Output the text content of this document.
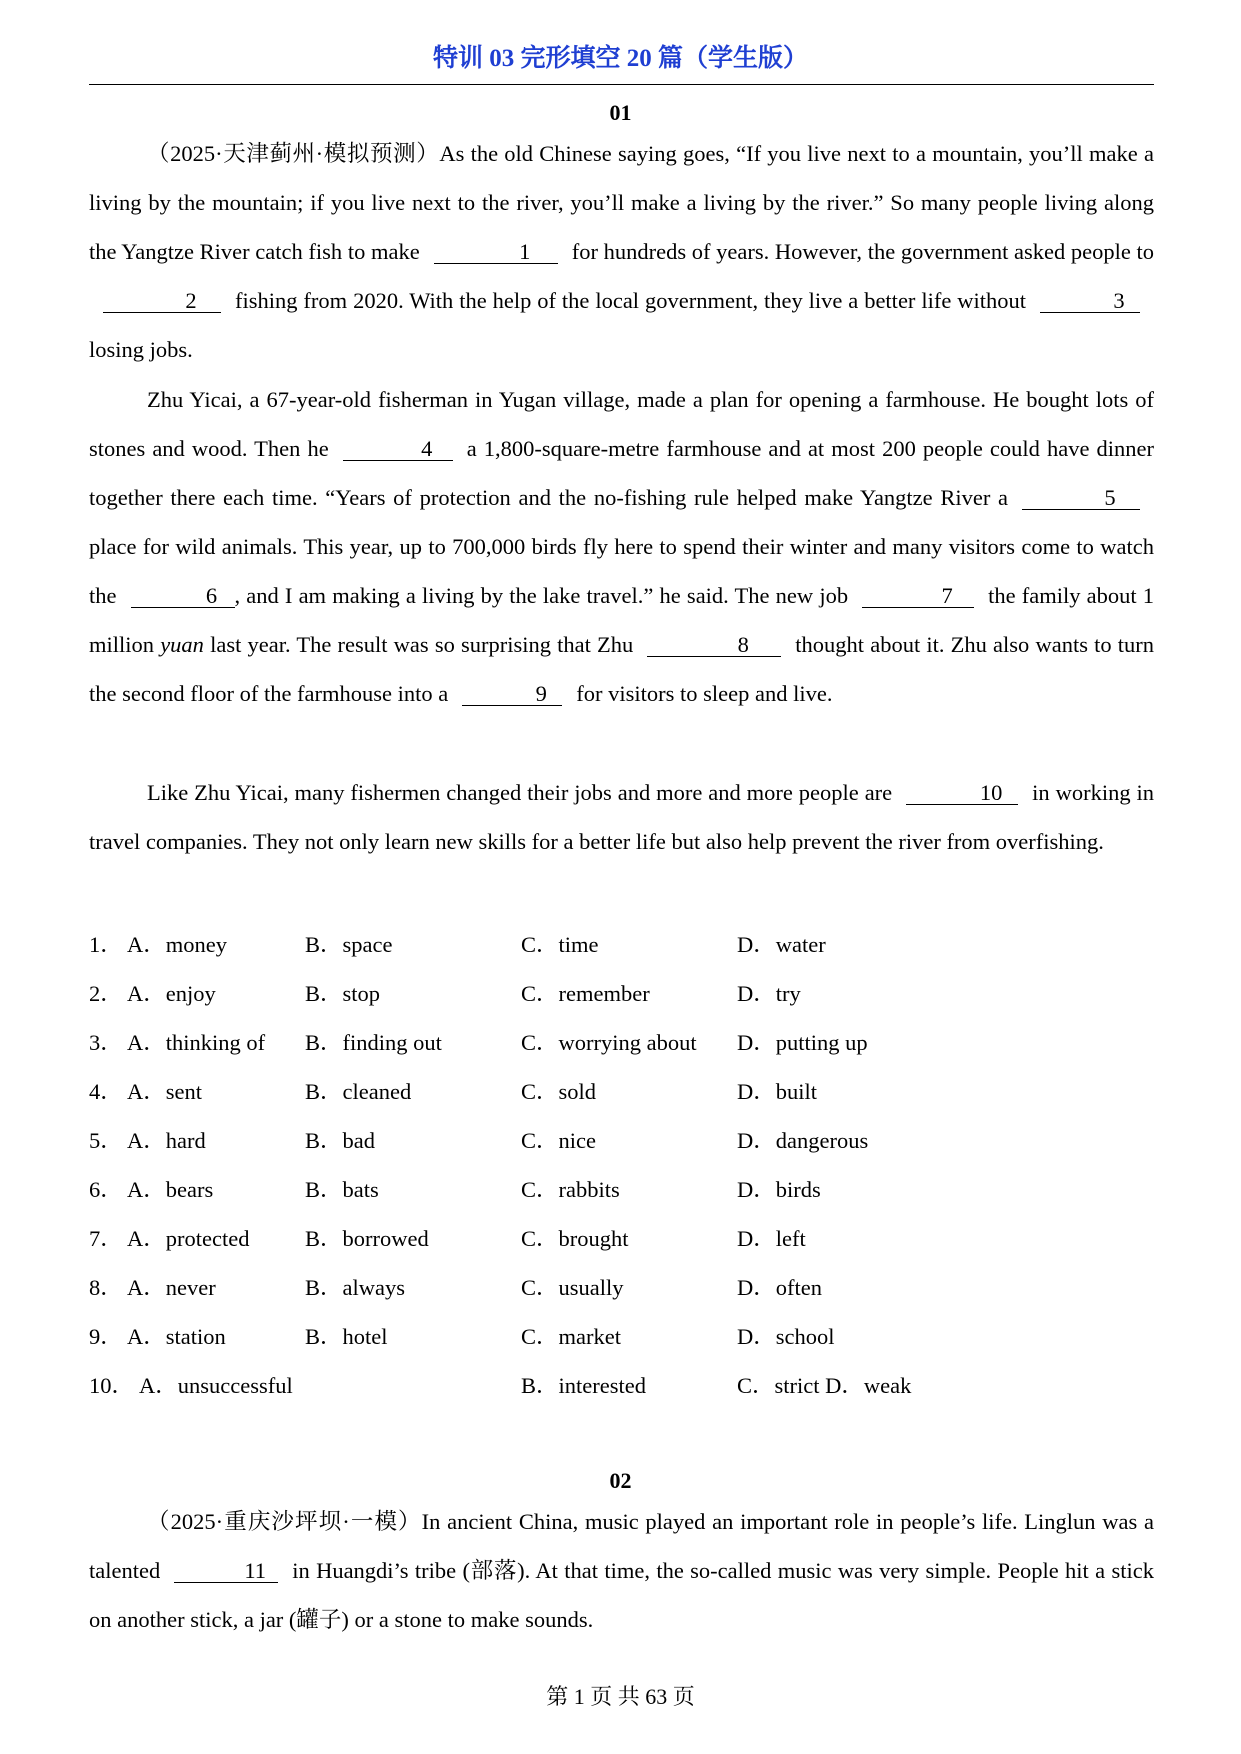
特训 03 完形填空 20 篇（学生版）
01

（2025·天津蓟州·模拟预测）As the old Chinese saying goes, “If you live next to a mountain, you’ll make a living by the mountain; if you live next to the river, you’ll make a living by the river.” So many people living along the Yangtze River catch fish to make	1 for hundreds of years. However, the government asked people to2 fishing from 2020. With the help of the local government, they live a better life without	3losing jobs.

Zhu Yicai, a 67-year-old fisherman in Yugan village, made a plan for opening a farmhouse. He bought lots of stones and wood. Then he	4 a 1,800-square-metre farmhouse and at most 200 people could have dinner together there each time. “Years of protection and the no-fishing rule helped make Yangtze River a	5place for wild animals. This year, up to 700,000 birds fly here to spend their winter and many visitors come to watch the	6 , and I am making a living by the lake travel.” he said. The new job	7 the family about 1 million yuan last year. The result was so surprising that Zhu	8 thought about it. Zhu also wants to turn the second floor of the farmhouse into a	9 for visitors to sleep and live.

Like Zhu Yicai, many fishermen changed their jobs and more and more people are	10 in working in travel companies. They not only learn new skills for a better life but also help prevent the river from overfishing.

1． A．money	B．space	C．time	D．water
2． A．enjoy	B．stop	C．remember	D．try
3． A．thinking of B．finding out	C．worrying about D．putting up
4． A．sent	B．cleaned	C．sold	D．built
5． A．hard	B．bad	C．nice	D．dangerous
6． A．bears	B．bats	C．rabbits	D．birds
7． A．protected B．borrowed	C．brought	D．left
8． A．never	B．always	C．usually	D．often
9． A．station	B．hotel	C．market	D．school
10． A．unsuccessful	B．interested	C．strict D．weak
02

（2025·重庆沙坪坝·一模）In ancient China, music played an important role in people’s life. Linglun was a talented	11 in Huangdi’s tribe (部落). At that time, the so-called music was very simple. People hit a stick on another stick, a jar (罐子) or a stone to make sounds.

第 1 页 共 63 页
